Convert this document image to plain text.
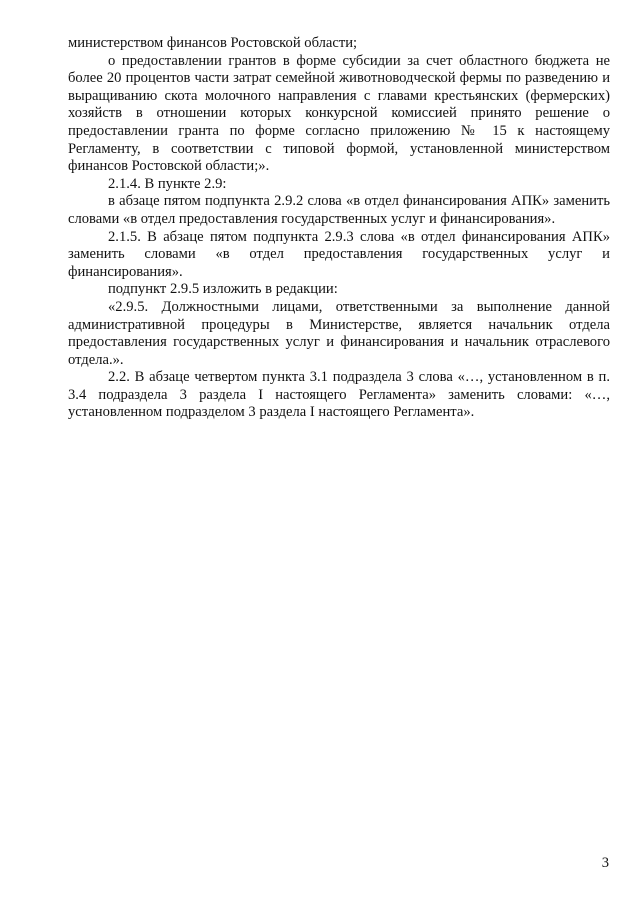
министерством финансов Ростовской области;

о предоставлении грантов в форме субсидии за счет областного бюджета не более 20 процентов части затрат семейной животноводческой фермы по разведению и выращиванию скота молочного направления с главами крестьянских (фермерских) хозяйств в отношении которых конкурсной комиссией принято решение о предоставлении гранта по форме согласно приложению № 15 к настоящему Регламенту, в соответствии с типовой формой, установленной министерством финансов Ростовской области;».

2.1.4. В пункте 2.9:

в абзаце пятом подпункта 2.9.2 слова «в отдел финансирования АПК» заменить словами «в отдел предоставления государственных услуг и финансирования».

2.1.5. В абзаце пятом подпункта 2.9.3 слова «в отдел финансирования АПК» заменить словами «в отдел предоставления государственных услуг и финансирования».

подпункт 2.9.5 изложить в редакции:

«2.9.5. Должностными лицами, ответственными за выполнение данной административной процедуры в Министерстве, является начальник отдела предоставления государственных услуг и финансирования и начальник отраслевого отдела.».

2.2. В абзаце четвертом пункта 3.1 подраздела 3 слова «…, установленном в п. 3.4 подраздела 3 раздела I настоящего Регламента» заменить словами: «…, установленном подразделом 3 раздела I настоящего Регламента».

3
